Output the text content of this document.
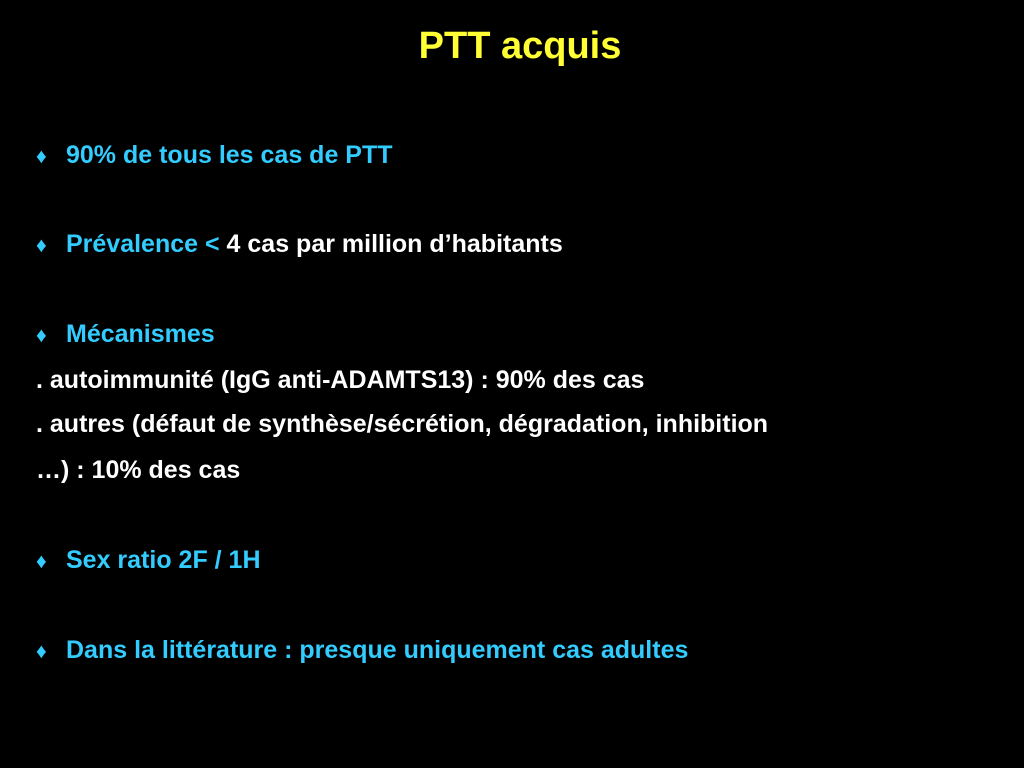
PTT acquis
♦ 90% de tous les cas de PTT
♦ Prévalence < 4 cas par million d’habitants
♦ Mécanismes
. autoimmunité (IgG anti-ADAMTS13) : 90% des cas
. autres (défaut de synthèse/sécrétion, dégradation, inhibition
…) : 10% des cas
♦ Sex ratio 2F / 1H
♦ Dans la littérature : presque uniquement cas adultes
